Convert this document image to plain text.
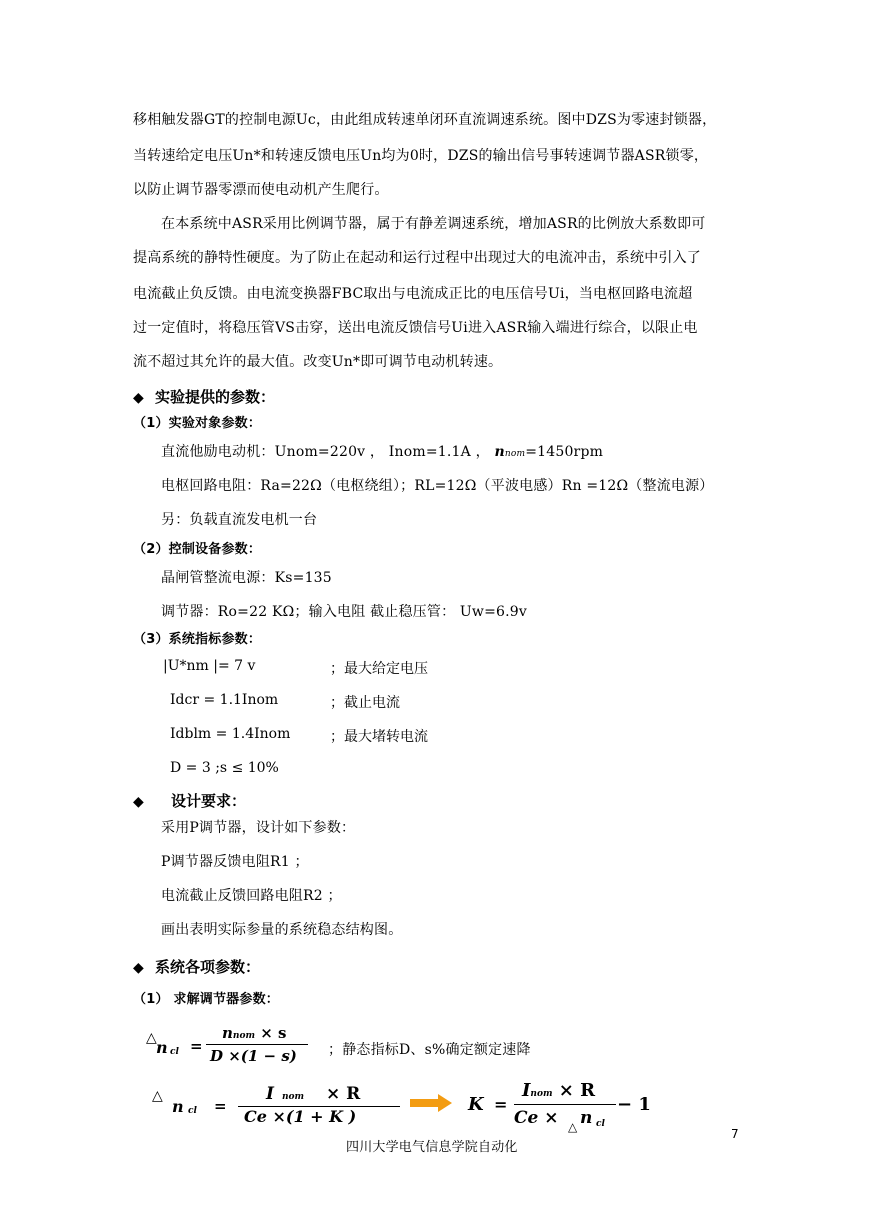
移相触发器GT的控制电源Uc，由此组成转速单闭环直流调速系统。图中DZS为零速封锁器，
当转速给定电压Un*和转速反馈电压Un均为0时，DZS的输出信号事转速调节器ASR锁零，
以防止调节器零漂而使电动机产生爬行。
在本系统中ASR采用比例调节器，属于有静差调速系统，增加ASR的比例放大系数即可
提高系统的静特性硬度。为了防止在起动和运行过程中出现过大的电流冲击，系统中引入了
电流截止负反馈。由电流变换器FBC取出与电流成正比的电压信号Ui，当电枢回路电流超
过一定值时，将稳压管VS击穿，送出电流反馈信号Ui进入ASR输入端进行综合，以限止电
流不超过其允许的最大值。改变Un*即可调节电动机转速。
◆ 实验提供的参数：
（1）实验对象参数：
直流他励电动机：Unom=220v ， Inom=1.1A ， nnom=1450rpm
电枢回路电阻：Ra=22Ω（电枢绕组）；RL=12Ω（平波电感）Rn =12Ω（整流电源）
另：负载直流发电机一台
（2）控制设备参数：
晶闸管整流电源：Ks=135
调节器：Ro=22 KΩ；输入电阻 截止稳压管： Uw=6.9v
（3）系统指标参数：
|U*nm |= 7 v	；最大给定电压
Idcr = 1.1Inom	；截止电流
Idblm = 1.4Inom	；最大堵转电流
D = 3 ;s ≤ 10%
◆ 设计要求：
采用P调节器，设计如下参数：
P调节器反馈电阻R1 ；
电流截止反馈回路电阻R2 ；
画出表明实际参量的系统稳态结构图。
◆ 系统各项参数：
（1） 求解调节器参数：
△ n cl =
nnom × s
D ×(1 − s) ；静态指标D、s%确定额定速降
△
n cl =
Inom × R
Ce ×(1 + K )
K =
Inom × R
Ce × △ n cl
− 1
7
四川大学电气信息学院自动化
